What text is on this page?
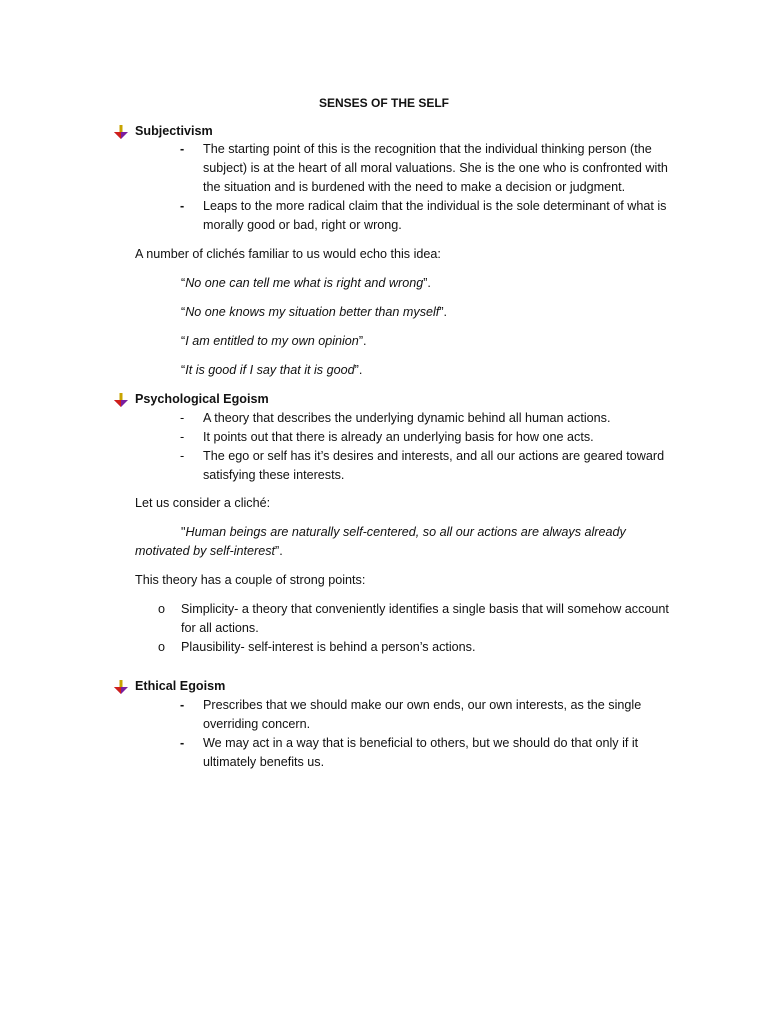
SENSES OF THE SELF
Subjectivism
- The starting point of this is the recognition that the individual thinking person (the subject) is at the heart of all moral valuations. She is the one who is confronted with the situation and is burdened with the need to make a decision or judgment.
- Leaps to the more radical claim that the individual is the sole determinant of what is morally good or bad, right or wrong.
A number of clichés familiar to us would echo this idea:
“No one can tell me what is right and wrong”.
“No one knows my situation better than myself”.
“I am entitled to my own opinion”.
“It is good if I say that it is good”.
Psychological Egoism
- A theory that describes the underlying dynamic behind all human actions.
- It points out that there is already an underlying basis for how one acts.
- The ego or self has it’s desires and interests, and all our actions are geared toward satisfying these interests.
Let us consider a cliché:
"Human beings are naturally self-centered, so all our actions are always already motivated by self-interest”.
This theory has a couple of strong points:
o Simplicity- a theory that conveniently identifies a single basis that will somehow account for all actions.
o Plausibility- self-interest is behind a person’s actions.
Ethical Egoism
- Prescribes that we should make our own ends, our own interests, as the single overriding concern.
- We may act in a way that is beneficial to others, but we should do that only if it ultimately benefits us.
